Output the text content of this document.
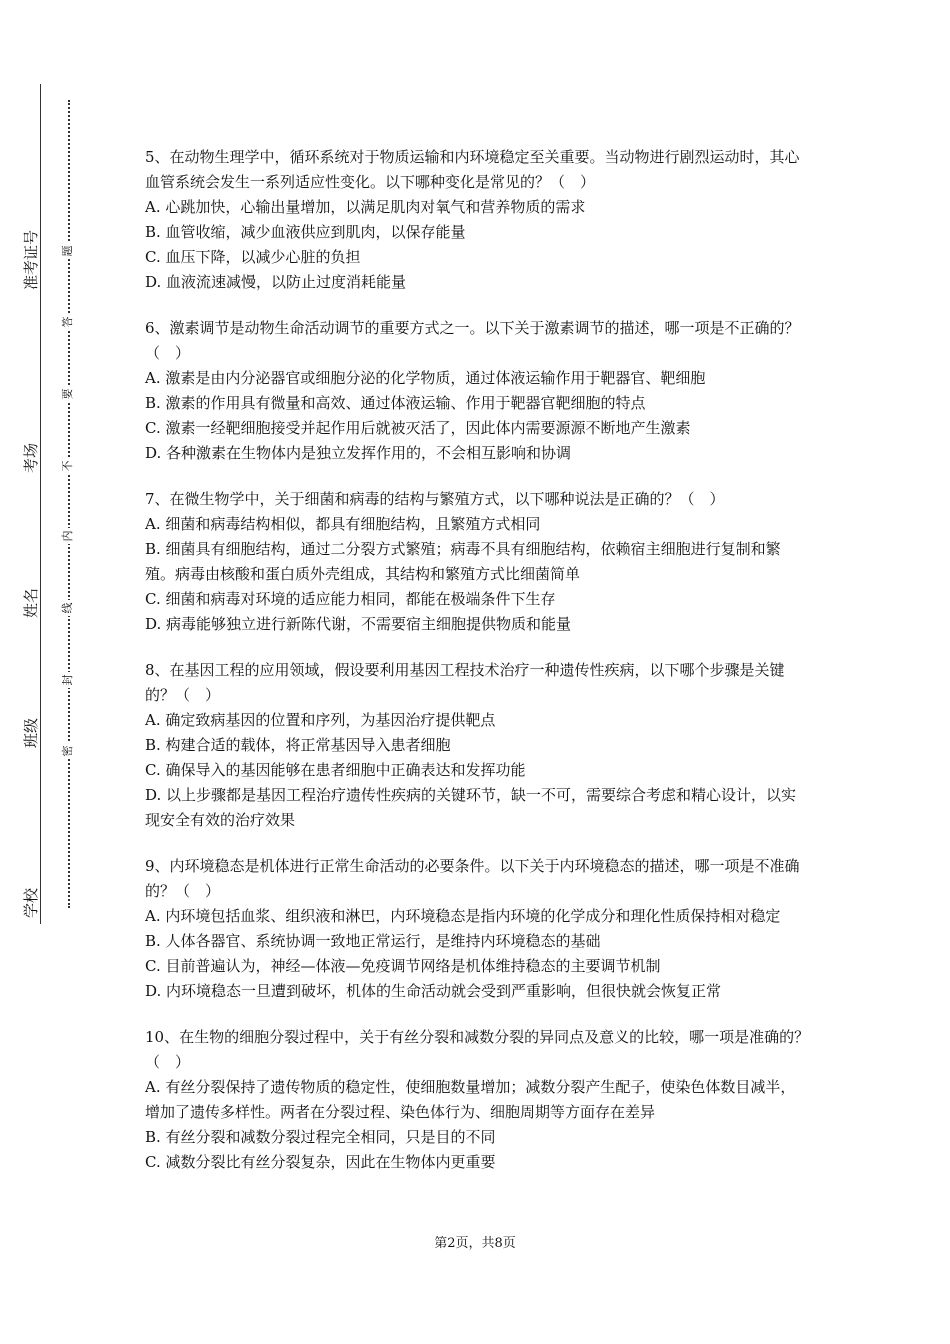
准考证号
考场
姓名
班级
学校
题
答
要
不
内
线
封
密

5、在动物生理学中，循环系统对于物质运输和内环境稳定至关重要。当动物进行剧烈运动时，其心血管系统会发生一系列适应性变化。以下哪种变化是常见的？（　）

A. 心跳加快，心输出量增加，以满足肌肉对氧气和营养物质的需求

B. 血管收缩，减少血液供应到肌肉，以保存能量

C. 血压下降，以减少心脏的负担

D. 血液流速减慢，以防止过度消耗能量

6、激素调节是动物生命活动调节的重要方式之一。以下关于激素调节的描述，哪一项是不正确的？（　）

A. 激素是由内分泌器官或细胞分泌的化学物质，通过体液运输作用于靶器官、靶细胞

B. 激素的作用具有微量和高效、通过体液运输、作用于靶器官靶细胞的特点

C. 激素一经靶细胞接受并起作用后就被灭活了，因此体内需要源源不断地产生激素

D. 各种激素在生物体内是独立发挥作用的，不会相互影响和协调

7、在微生物学中，关于细菌和病毒的结构与繁殖方式，以下哪种说法是正确的？（　）

A. 细菌和病毒结构相似，都具有细胞结构，且繁殖方式相同

B. 细菌具有细胞结构，通过二分裂方式繁殖；病毒不具有细胞结构，依赖宿主细胞进行复制和繁殖。病毒由核酸和蛋白质外壳组成，其结构和繁殖方式比细菌简单

C. 细菌和病毒对环境的适应能力相同，都能在极端条件下生存

D. 病毒能够独立进行新陈代谢，不需要宿主细胞提供物质和能量

8、在基因工程的应用领域，假设要利用基因工程技术治疗一种遗传性疾病，以下哪个步骤是关键的？（　）

A. 确定致病基因的位置和序列，为基因治疗提供靶点

B. 构建合适的载体，将正常基因导入患者细胞

C. 确保导入的基因能够在患者细胞中正确表达和发挥功能

D. 以上步骤都是基因工程治疗遗传性疾病的关键环节，缺一不可，需要综合考虑和精心设计，以实现安全有效的治疗效果

9、内环境稳态是机体进行正常生命活动的必要条件。以下关于内环境稳态的描述，哪一项是不准确的？（　）

A. 内环境包括血浆、组织液和淋巴，内环境稳态是指内环境的化学成分和理化性质保持相对稳定

B. 人体各器官、系统协调一致地正常运行，是维持内环境稳态的基础

C. 目前普遍认为，神经—体液—免疫调节网络是机体维持稳态的主要调节机制

D. 内环境稳态一旦遭到破坏，机体的生命活动就会受到严重影响，但很快就会恢复正常

10、在生物的细胞分裂过程中，关于有丝分裂和减数分裂的异同点及意义的比较，哪一项是准确的？（　）

A. 有丝分裂保持了遗传物质的稳定性，使细胞数量增加；减数分裂产生配子，使染色体数目减半，增加了遗传多样性。两者在分裂过程、染色体行为、细胞周期等方面存在差异

B. 有丝分裂和减数分裂过程完全相同，只是目的不同

C. 减数分裂比有丝分裂复杂，因此在生物体内更重要

第2页，共8页
